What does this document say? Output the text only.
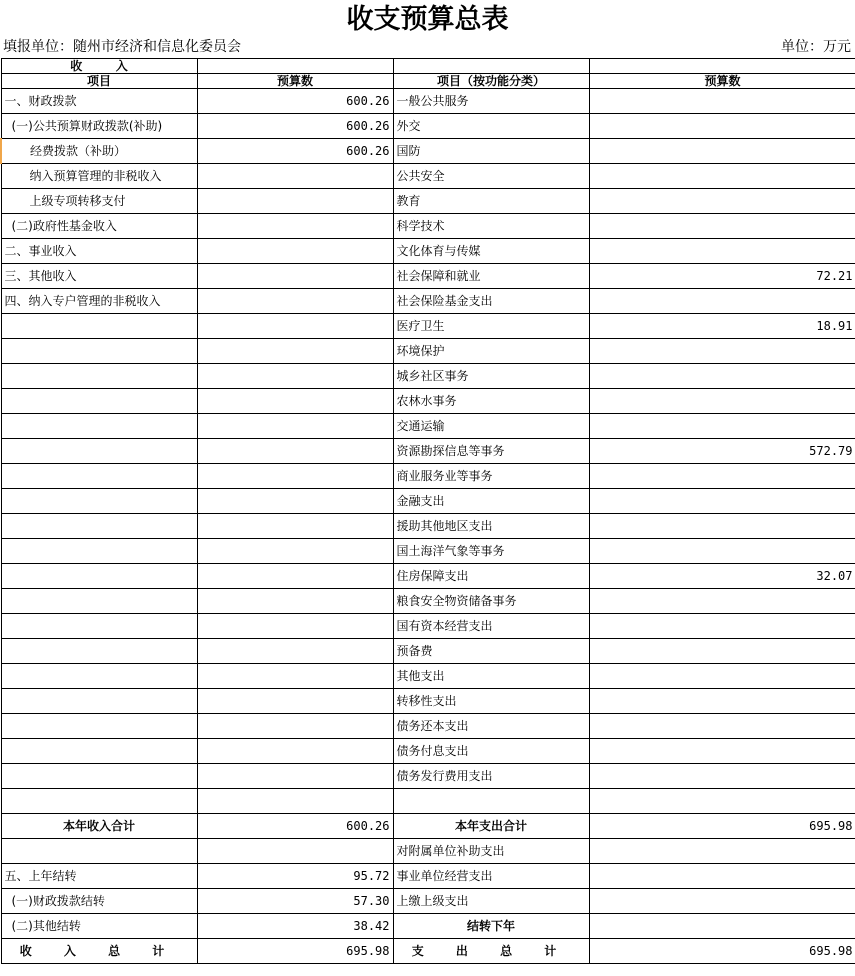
收支预算总表
填报单位：随州市经济和信息化委员会	单位：万元
收        入			
项目	预算数	项目（按功能分类）	预算数
一、财政拨款	600.26	一般公共服务	
(一)公共预算财政拨款(补助)	600.26	外交	
经费拨款（补助）	600.26	国防	
纳入预算管理的非税收入		公共安全	
上级专项转移支付		教育	
(二)政府性基金收入		科学技术	
二、事业收入		文化体育与传媒	
三、其他收入		社会保障和就业	72.21
四、纳入专户管理的非税收入		社会保险基金支出	
		医疗卫生	18.91
		环境保护	
		城乡社区事务	
		农林水事务	
		交通运输	
		资源勘探信息等事务	572.79
		商业服务业等事务	
		金融支出	
		援助其他地区支出	
		国土海洋气象等事务	
		住房保障支出	32.07
		粮食安全物资储备事务	
		国有资本经营支出	
		预备费	
		其他支出	
		转移性支出	
		债务还本支出	
		债务付息支出	
		债务发行费用支出	

本年收入合计	600.26	本年支出合计	695.98
		对附属单位补助支出	
五、上年结转	95.72	事业单位经营支出	
(一)财政拨款结转	57.30	上缴上级支出	
(二)其他结转	38.42	结转下年	
收 入 总 计	695.98	支 出 总 计	695.98
